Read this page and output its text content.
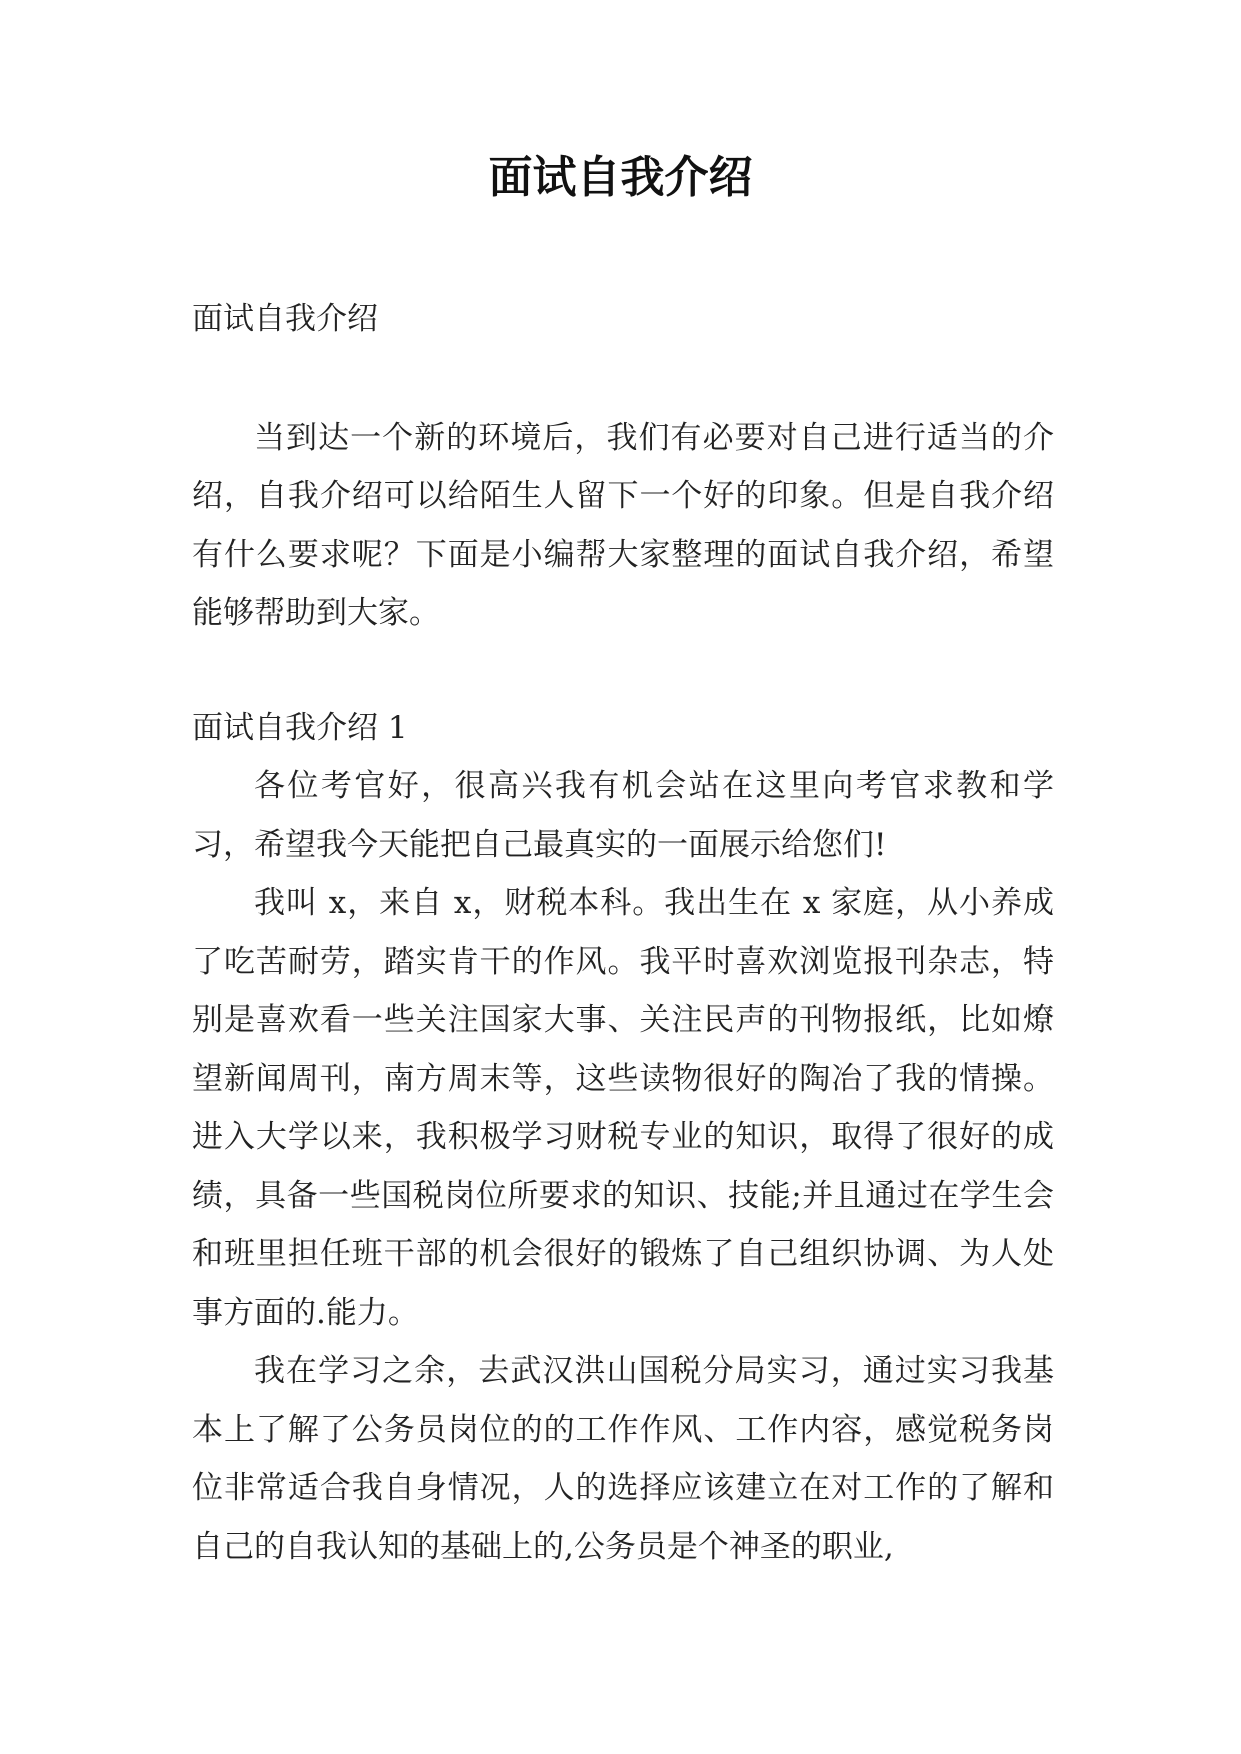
面试自我介绍

面试自我介绍

当到达一个新的环境后，我们有必要对自己进行适当的介绍，自我介绍可以给陌生人留下一个好的印象。但是自我介绍有什么要求呢？下面是小编帮大家整理的面试自我介绍，希望能够帮助到大家。

面试自我介绍 1

各位考官好，很高兴我有机会站在这里向考官求教和学习，希望我今天能把自己最真实的一面展示给您们!

我叫 x，来自 x，财税本科。我出生在 x 家庭，从小养成了吃苦耐劳，踏实肯干的作风。我平时喜欢浏览报刊杂志，特别是喜欢看一些关注国家大事、关注民声的刊物报纸，比如燎望新闻周刊，南方周末等，这些读物很好的陶冶了我的情操。进入大学以来，我积极学习财税专业的知识，取得了很好的成绩，具备一些国税岗位所要求的知识、技能;并且通过在学生会和班里担任班干部的机会很好的锻炼了自己组织协调、为人处事方面的.能力。

我在学习之余，去武汉洪山国税分局实习，通过实习我基本上了解了公务员岗位的的工作作风、工作内容，感觉税务岗位非常适合我自身情况，人的选择应该建立在对工作的了解和自己的自我认知的基础上的,公务员是个神圣的职业,
